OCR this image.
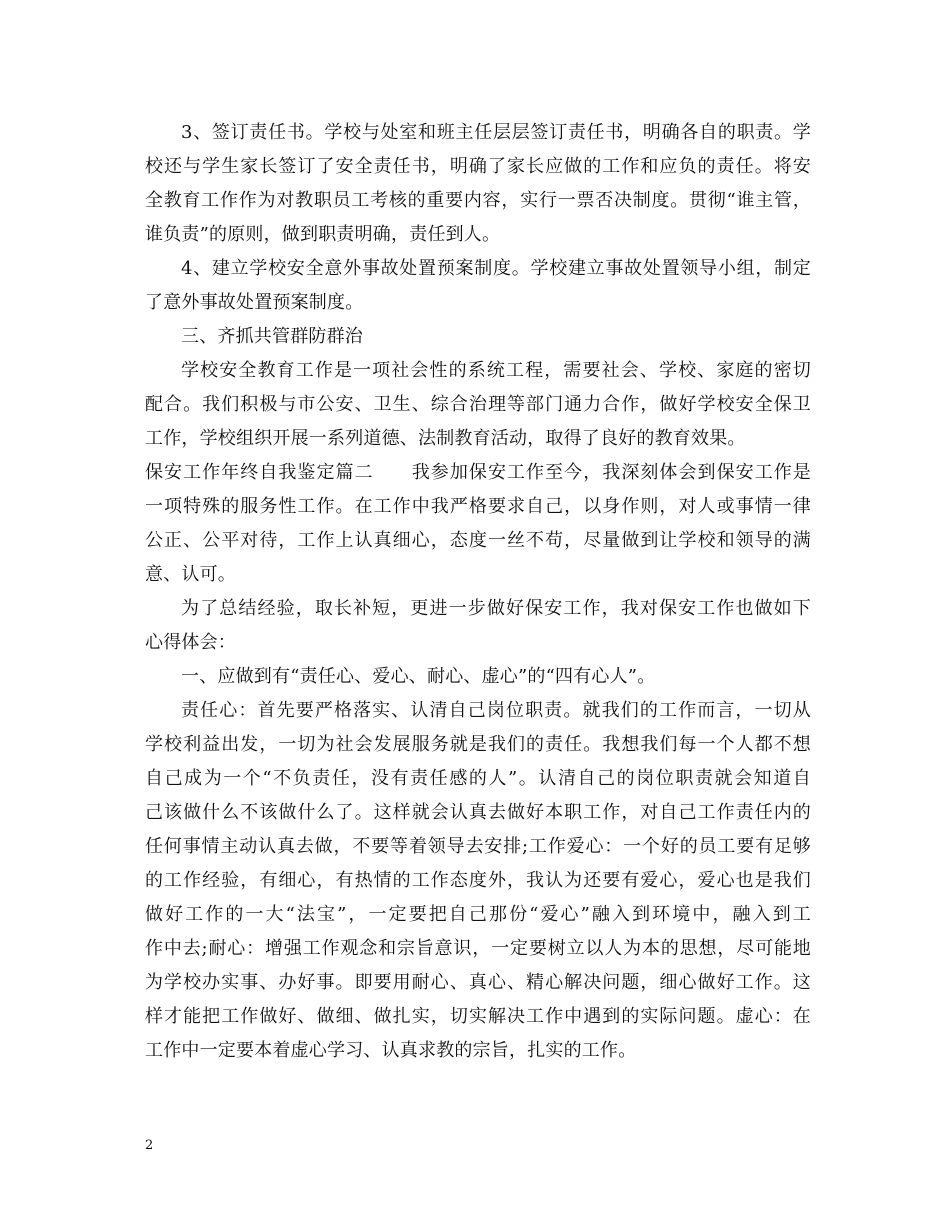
3、签订责任书。学校与处室和班主任层层签订责任书，明确各自的职责。学
校还与学生家长签订了安全责任书，明确了家长应做的工作和应负的责任。将安
全教育工作作为对教职员工考核的重要内容，实行一票否决制度。贯彻“谁主管，
谁负责”的原则，做到职责明确，责任到人。
4、建立学校安全意外事故处置预案制度。学校建立事故处置领导小组，制定
了意外事故处置预案制度。
三、齐抓共管群防群治
学校安全教育工作是一项社会性的系统工程，需要社会、学校、家庭的密切
配合。我们积极与市公安、卫生、综合治理等部门通力合作，做好学校安全保卫
工作，学校组织开展一系列道德、法制教育活动，取得了良好的教育效果。
保安工作年终自我鉴定篇二　　我参加保安工作至今，我深刻体会到保安工作是
一项特殊的服务性工作。在工作中我严格要求自己，以身作则，对人或事情一律
公正、公平对待，工作上认真细心，态度一丝不苟，尽量做到让学校和领导的满
意、认可。
为了总结经验，取长补短，更进一步做好保安工作，我对保安工作也做如下
心得体会：
一、应做到有“责任心、爱心、耐心、虚心”的“四有心人”。
责任心：首先要严格落实、认清自己岗位职责。就我们的工作而言，一切从
学校利益出发，一切为社会发展服务就是我们的责任。我想我们每一个人都不想
自己成为一个“不负责任，没有责任感的人”。认清自己的岗位职责就会知道自
己该做什么不该做什么了。这样就会认真去做好本职工作，对自己工作责任内的
任何事情主动认真去做，不要等着领导去安排;工作爱心：一个好的员工要有足够
的工作经验，有细心，有热情的工作态度外，我认为还要有爱心，爱心也是我们
做好工作的一大“法宝”，一定要把自己那份“爱心”融入到环境中，融入到工
作中去;耐心：增强工作观念和宗旨意识，一定要树立以人为本的思想，尽可能地
为学校办实事、办好事。即要用耐心、真心、精心解决问题，细心做好工作。这
样才能把工作做好、做细、做扎实，切实解决工作中遇到的实际问题。虚心：在
工作中一定要本着虚心学习、认真求教的宗旨，扎实的工作。
2
